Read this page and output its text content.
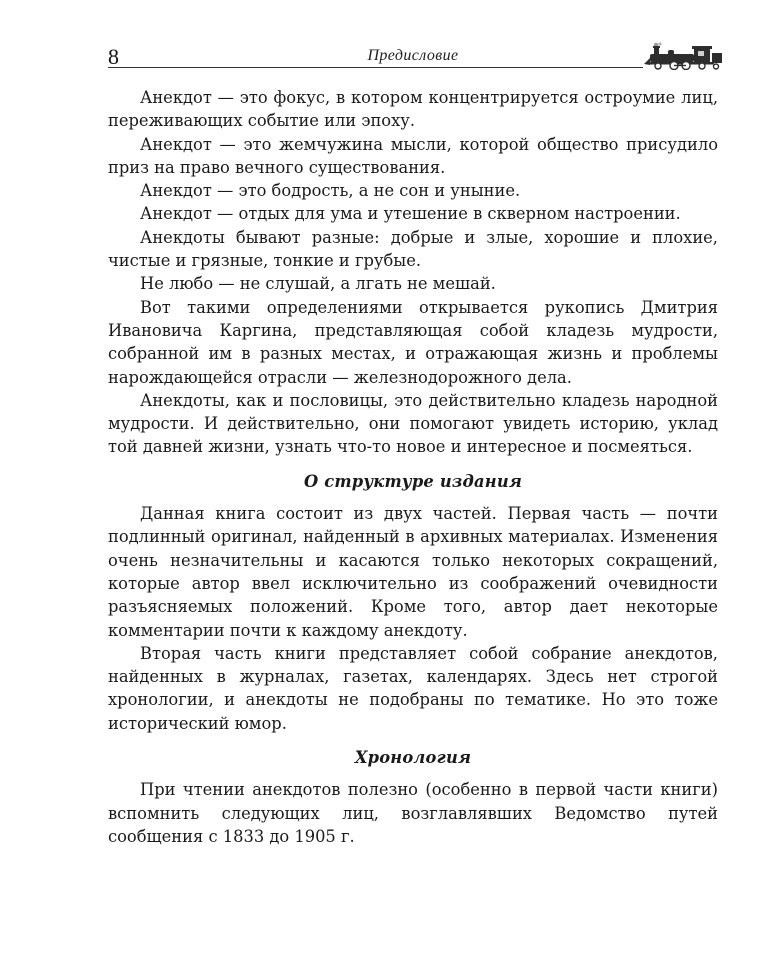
8	Предисловие

Анекдот — это фокус, в котором концентрируется остроумие лиц, переживающих событие или эпоху.

Анекдот — это жемчужина мысли, которой общество присудило приз на право вечного существования.

Анекдот — это бодрость, а не сон и уныние.

Анекдот — отдых для ума и утешение в скверном настроении.

Анекдоты бывают разные: добрые и злые, хорошие и плохие, чистые и грязные, тонкие и грубые.

Не любо — не слушай, а лгать не мешай.

Вот такими определениями открывается рукопись Дмитрия Ивановича Каргина, представляющая собой кладезь мудрости, собранной им в разных местах, и отражающая жизнь и проблемы нарождающейся отрасли — железнодорожного дела.

Анекдоты, как и пословицы, это действительно кладезь народной мудрости. И действительно, они помогают увидеть историю, уклад той давней жизни, узнать что-то новое и интересное и посмеяться.

О структуре издания

Данная книга состоит из двух частей. Первая часть — почти подлинный оригинал, найденный в архивных материалах. Изменения очень незначительны и касаются только некоторых сокращений, которые автор ввел исключительно из соображений очевидности разъясняемых положений. Кроме того, автор дает некоторые комментарии почти к каждому анекдоту.

Вторая часть книги представляет собой собрание анекдотов, найденных в журналах, газетах, календарях. Здесь нет строгой хронологии, и анекдоты не подобраны по тематике. Но это тоже исторический юмор.

Хронология

При чтении анекдотов полезно (особенно в первой части книги) вспомнить следующих лиц, возглавлявших Ведомство путей сообщения с 1833 до 1905 г.
